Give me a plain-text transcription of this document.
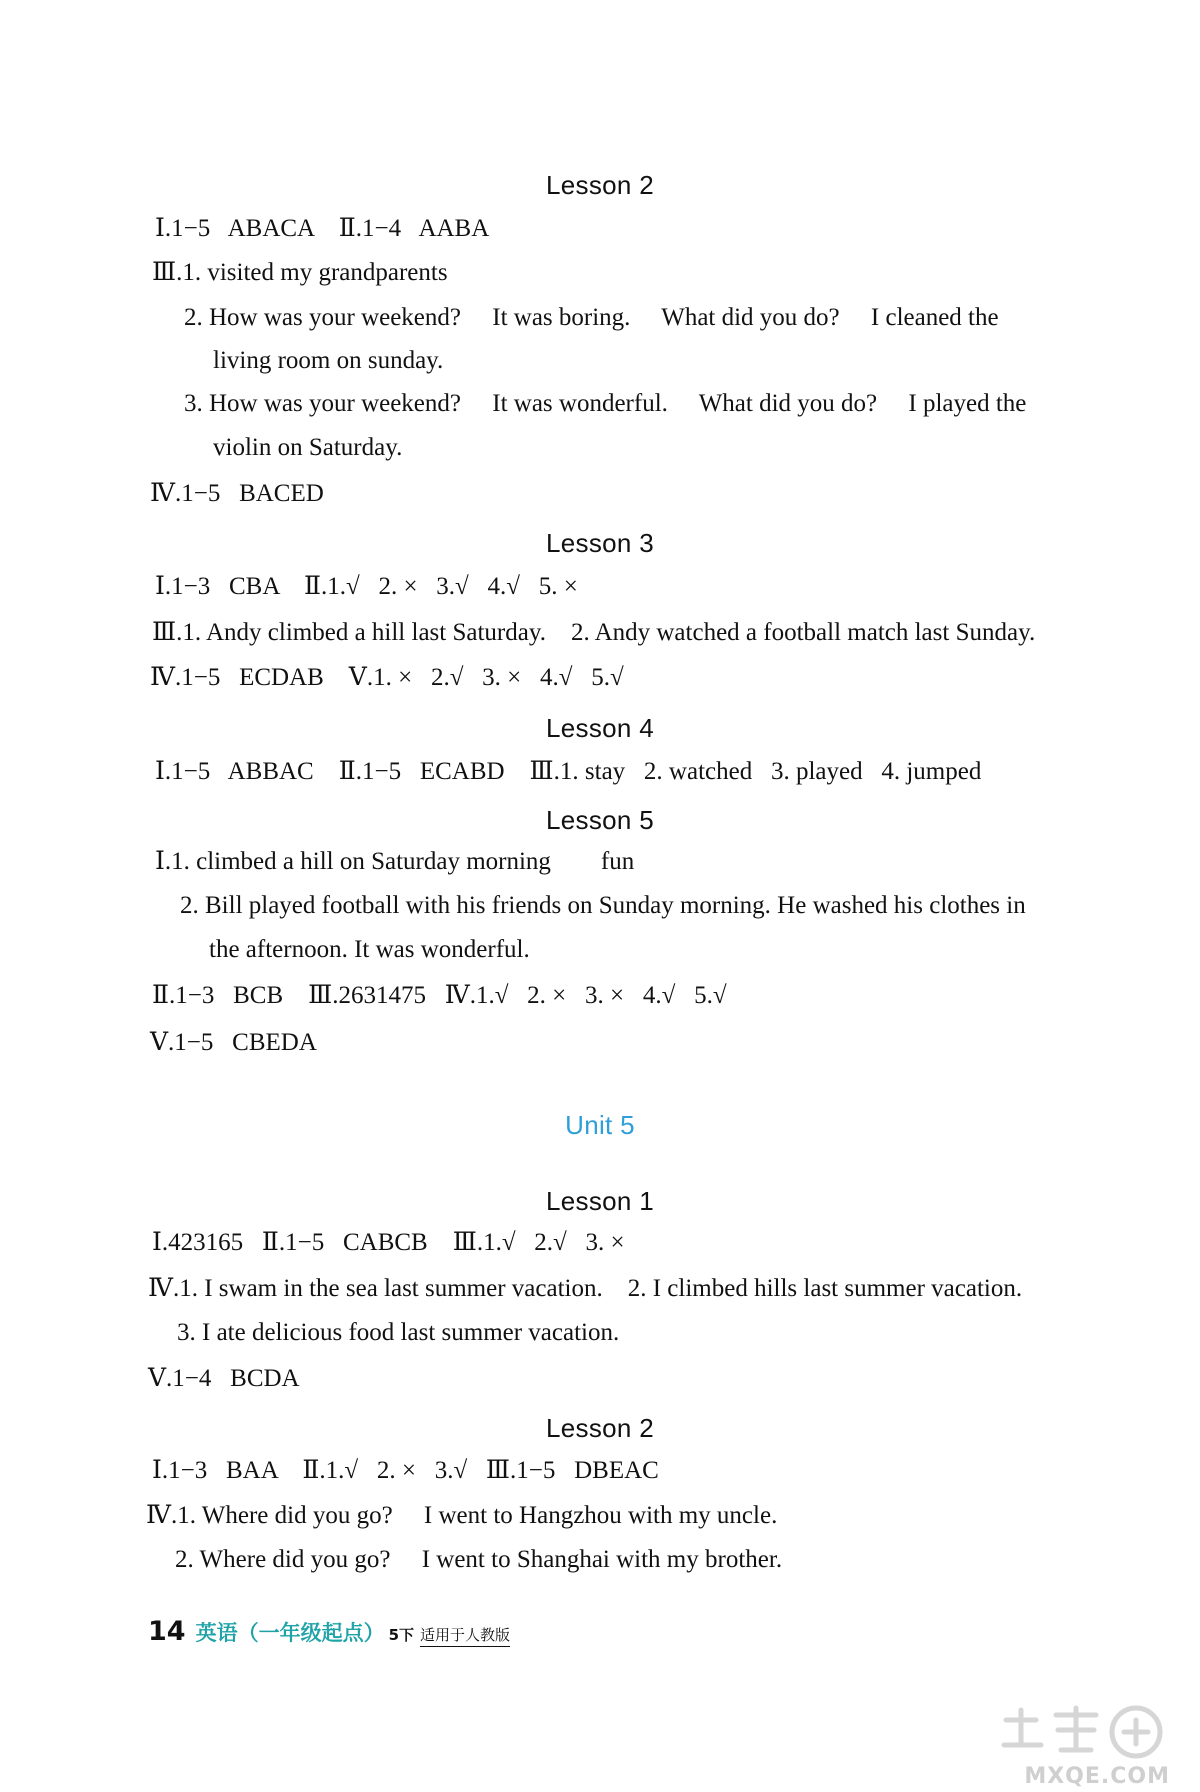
Lesson 2
Ⅰ.1−5   ABACA    Ⅱ.1−4   AABA
Ⅲ.1. visited my grandparents
2. How was your weekend?     It was boring.     What did you do?     I cleaned the
living room on sunday.
3. How was your weekend?     It was wonderful.     What did you do?     I played the
violin on Saturday.
Ⅳ.1−5   BACED
Lesson 3
Ⅰ.1−3   CBA    Ⅱ.1.√   2. ×   3.√   4.√   5. ×
Ⅲ.1. Andy climbed a hill last Saturday.    2. Andy watched a football match last Sunday.
Ⅳ.1−5   ECDAB    Ⅴ.1. ×   2.√   3. ×   4.√   5.√
Lesson 4
Ⅰ.1−5   ABBAC    Ⅱ.1−5   ECABD    Ⅲ.1. stay   2. watched   3. played   4. jumped
Lesson 5
Ⅰ.1. climbed a hill on Saturday morning        fun
2. Bill played football with his friends on Sunday morning. He washed his clothes in
the afternoon. It was wonderful.
Ⅱ.1−3   BCB    Ⅲ.2631475   Ⅳ.1.√   2. ×   3. ×   4.√   5.√
Ⅴ.1−5   CBEDA
Unit 5
Lesson 1
Ⅰ.423165   Ⅱ.1−5   CABCB    Ⅲ.1.√   2.√   3. ×
Ⅳ.1. I swam in the sea last summer vacation.    2. I climbed hills last summer vacation.
3. I ate delicious food last summer vacation.
Ⅴ.1−4   BCDA
Lesson 2
Ⅰ.1−3   BAA    Ⅱ.1.√   2. ×   3.√   Ⅲ.1−5   DBEAC
Ⅳ.1. Where did you go?     I went to Hangzhou with my uncle.
2. Where did you go?     I went to Shanghai with my brother.
14 英语（一年级起点） 5下 适用于人教版
MXQE.COM
